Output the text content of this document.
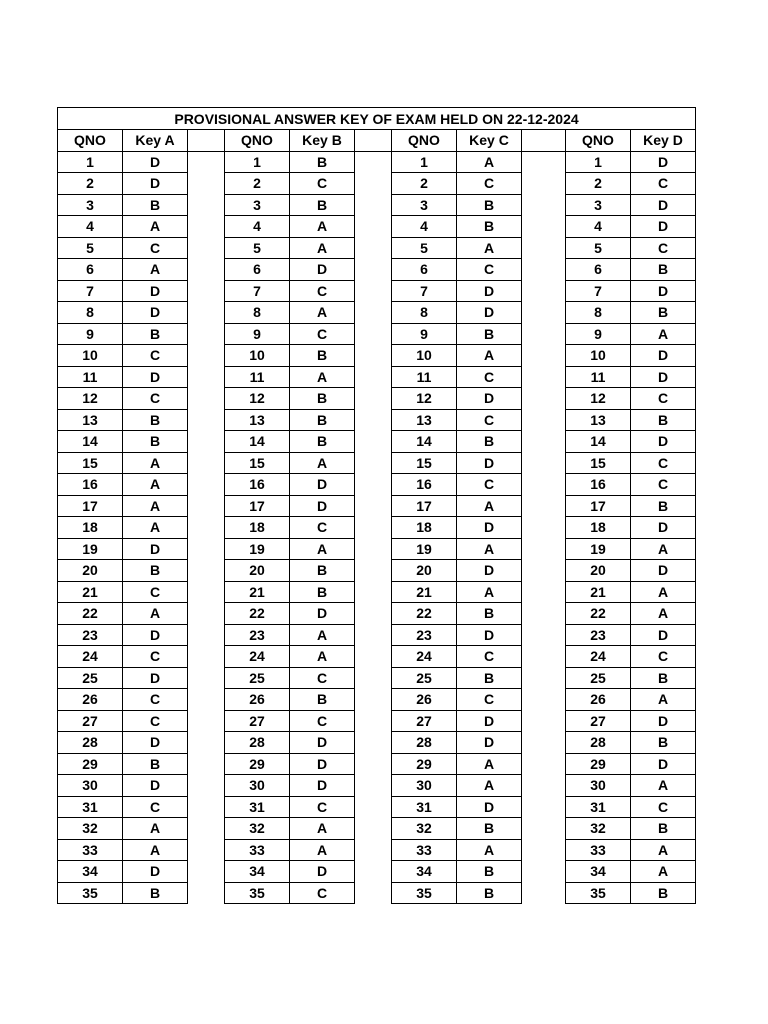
PROVISIONAL ANSWER KEY OF EXAM HELD ON 22-12-2024										
QNO	Key A		QNO	Key B		QNO	Key C		QNO	Key D
1	D		1	B		1	A		1	D
2	D		2	C		2	C		2	C
3	B		3	B		3	B		3	D
4	A		4	A		4	B		4	D
5	C		5	A		5	A		5	C
6	A		6	D		6	C		6	B
7	D		7	C		7	D		7	D
8	D		8	A		8	D		8	B
9	B		9	C		9	B		9	A
10	C		10	B		10	A		10	D
11	D		11	A		11	C		11	D
12	C		12	B		12	D		12	C
13	B		13	B		13	C		13	B
14	B		14	B		14	B		14	D
15	A		15	A		15	D		15	C
16	A		16	D		16	C		16	C
17	A		17	D		17	A		17	B
18	A		18	C		18	D		18	D
19	D		19	A		19	A		19	A
20	B		20	B		20	D		20	D
21	C		21	B		21	A		21	A
22	A		22	D		22	B		22	A
23	D		23	A		23	D		23	D
24	C		24	A		24	C		24	C
25	D		25	C		25	B		25	B
26	C		26	B		26	C		26	A
27	C		27	C		27	D		27	D
28	D		28	D		28	D		28	B
29	B		29	D		29	A		29	D
30	D		30	D		30	A		30	A
31	C		31	C		31	D		31	C
32	A		32	A		32	B		32	B
33	A		33	A		33	A		33	A
34	D		34	D		34	B		34	A
35	B		35	C		35	B		35	B
